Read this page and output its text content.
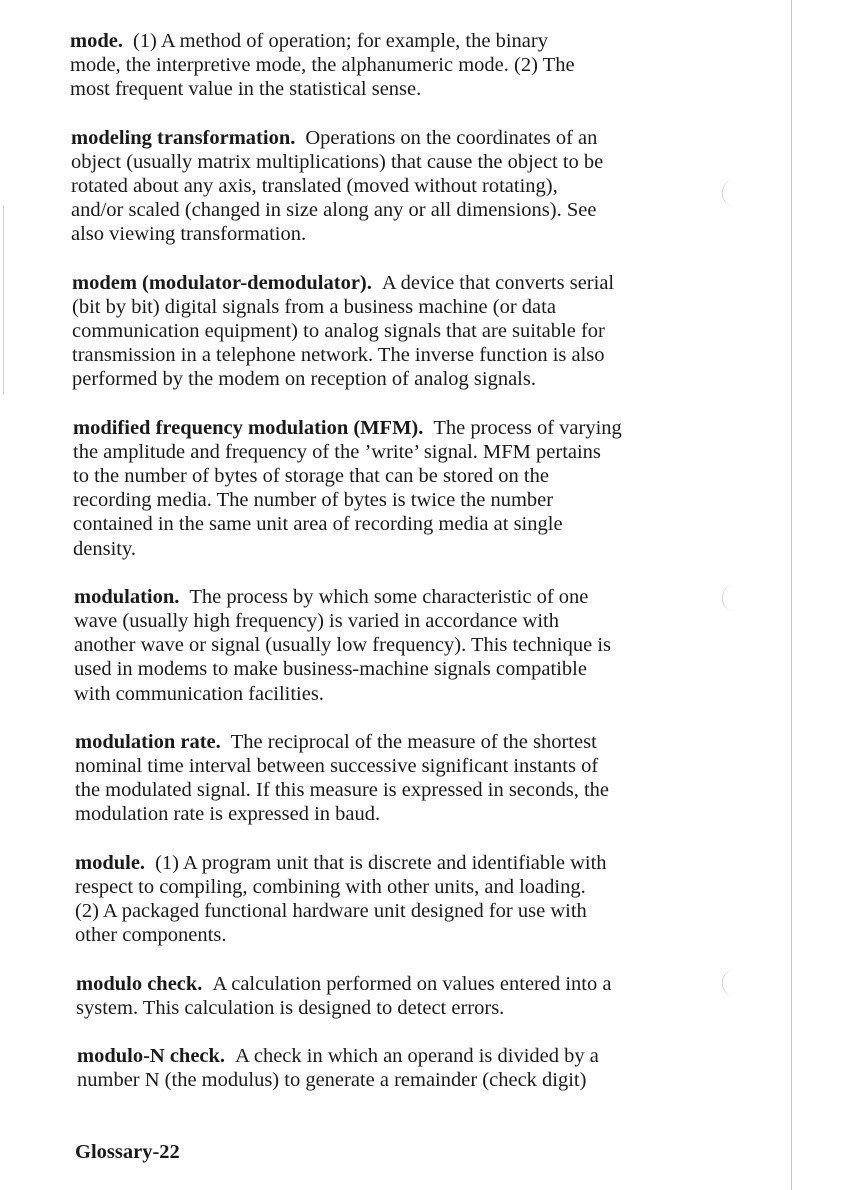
mode. (1) A method of operation; for example, the binary
mode, the interpretive mode, the alphanumeric mode. (2) The
most frequent value in the statistical sense.
modeling transformation. Operations on the coordinates of an
object (usually matrix multiplications) that cause the object to be
rotated about any axis, translated (moved without rotating),
and/or scaled (changed in size along any or all dimensions). See
also viewing transformation.
modem (modulator-demodulator). A device that converts serial
(bit by bit) digital signals from a business machine (or data
communication equipment) to analog signals that are suitable for
transmission in a telephone network. The inverse function is also
performed by the modem on reception of analog signals.
modified frequency modulation (MFM). The process of varying
the amplitude and frequency of the ’write’ signal. MFM pertains
to the number of bytes of storage that can be stored on the
recording media. The number of bytes is twice the number
contained in the same unit area of recording media at single
density.
modulation. The process by which some characteristic of one
wave (usually high frequency) is varied in accordance with
another wave or signal (usually low frequency). This technique is
used in modems to make business-machine signals compatible
with communication facilities.
modulation rate. The reciprocal of the measure of the shortest
nominal time interval between successive significant instants of
the modulated signal. If this measure is expressed in seconds, the
modulation rate is expressed in baud.
module. (1) A program unit that is discrete and identifiable with
respect to compiling, combining with other units, and loading.
(2) A packaged functional hardware unit designed for use with
other components.
modulo check. A calculation performed on values entered into a
system. This calculation is designed to detect errors.
modulo-N check. A check in which an operand is divided by a
number N (the modulus) to generate a remainder (check digit)
Glossary-22
